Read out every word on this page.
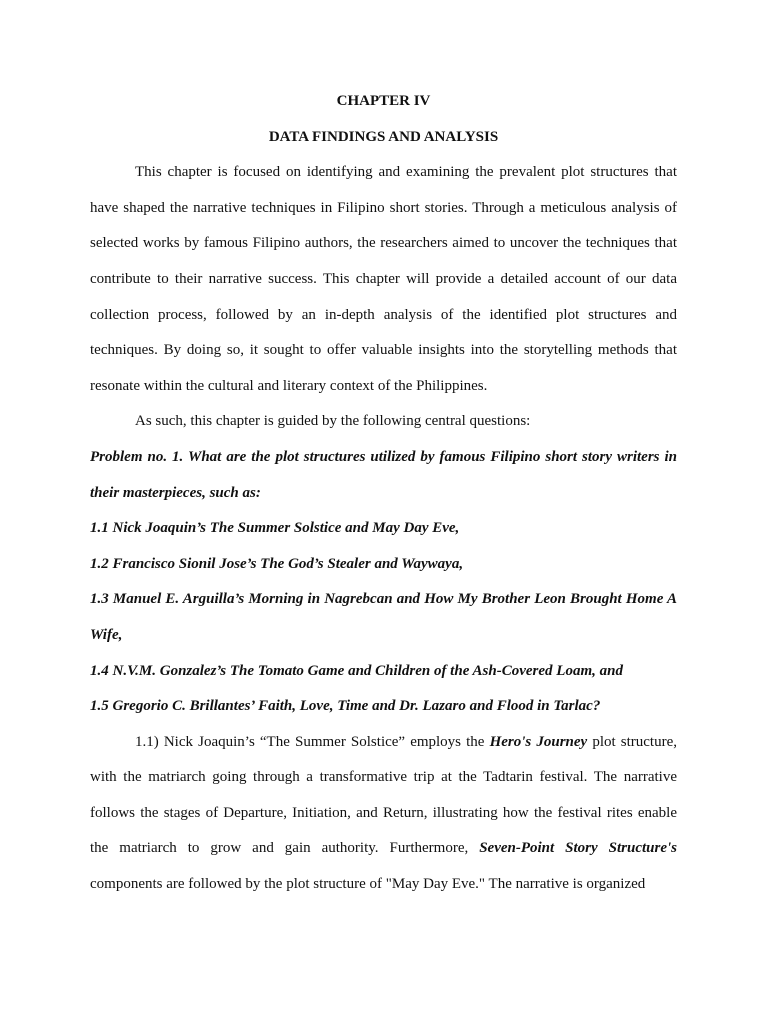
CHAPTER IV

DATA FINDINGS AND ANALYSIS

This chapter is focused on identifying and examining the prevalent plot structures that have shaped the narrative techniques in Filipino short stories. Through a meticulous analysis of selected works by famous Filipino authors, the researchers aimed to uncover the techniques that contribute to their narrative success. This chapter will provide a detailed account of our data collection process, followed by an in-depth analysis of the identified plot structures and techniques. By doing so, it sought to offer valuable insights into the storytelling methods that resonate within the cultural and literary context of the Philippines.

As such, this chapter is guided by the following central questions:

Problem no. 1. What are the plot structures utilized by famous Filipino short story writers in their masterpieces, such as:

1.1 Nick Joaquin’s The Summer Solstice and May Day Eve,

1.2 Francisco Sionil Jose’s The God’s Stealer and Waywaya,

1.3 Manuel E. Arguilla’s Morning in Nagrebcan and How My Brother Leon Brought Home A Wife,

1.4 N.V.M. Gonzalez’s The Tomato Game and Children of the Ash-Covered Loam, and

1.5 Gregorio C. Brillantes’ Faith, Love, Time and Dr. Lazaro and Flood in Tarlac?

1.1) Nick Joaquin’s “The Summer Solstice” employs the Hero's Journey plot structure, with the matriarch going through a transformative trip at the Tadtarin festival. The narrative follows the stages of Departure, Initiation, and Return, illustrating how the festival rites enable the matriarch to grow and gain authority. Furthermore, Seven-Point Story Structure's components are followed by the plot structure of "May Day Eve." The narrative is organized
